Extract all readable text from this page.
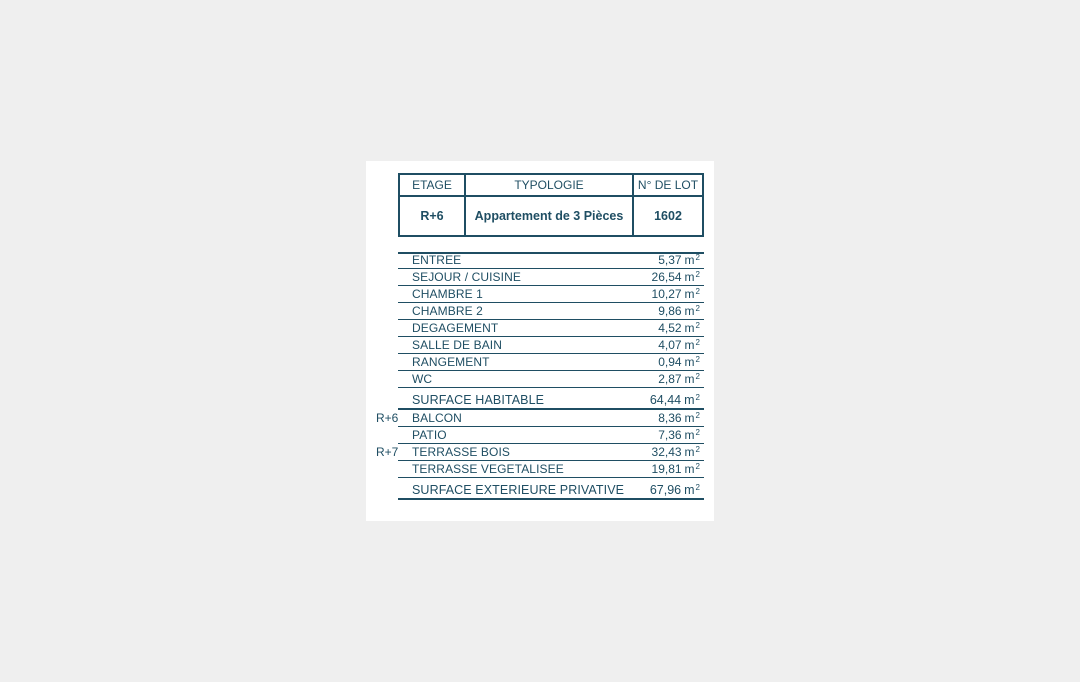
ETAGE	TYPOLOGIE	N° DE LOT
R+6	Appartement de 3 Pièces	1602
ENTREE	5,37 $m^2$
SEJOUR / CUISINE	26,54 $m^2$
CHAMBRE 1	10,27 $m^2$
CHAMBRE 2	9,86 $m^2$
DEGAGEMENT	4,52 $m^2$
SALLE DE BAIN	4,07 $m^2$
RANGEMENT	0,94 $m^2$
WC	2,87 $m^2$
SURFACE HABITABLE	64,44 $m^2$
R+6 BALCON	8,36 $m^2$
PATIO	7,36 $m^2$
R+7 TERRASSE BOIS	32,43 $m^2$
TERRASSE VEGETALISEE	19,81 $m^2$
SURFACE EXTERIEURE PRIVATIVE 67,96 $m^2$
